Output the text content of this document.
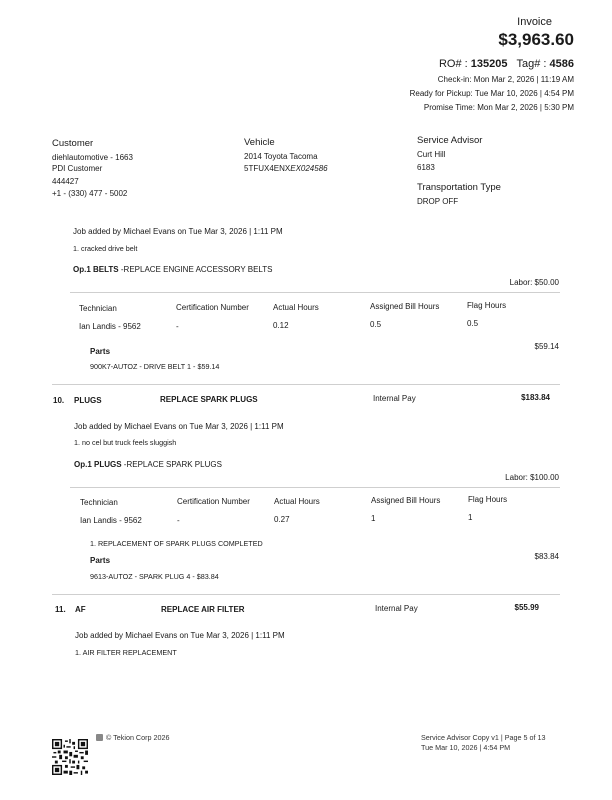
Invoice
$3,963.60
RO# : 135205 Tag# : 4586
Check-in: Mon Mar 2, 2026 | 11:19 AM
Ready for Pickup: Tue Mar 10, 2026 | 4:54 PM
Promise Time: Mon Mar 2, 2026 | 5:30 PM
Customer
diehlautomotive - 1663
PDI Customer
444427
+1 - (330) 477 - 5002
Vehicle
2014 Toyota Tacoma
5TFUX4ENXEX024586
Service Advisor
Curt Hill
6183
Transportation Type
DROP OFF
Job added by Michael Evans on Tue Mar 3, 2026 | 1:11 PM
1. cracked drive belt
Op.1 BELTS -REPLACE ENGINE ACCESSORY BELTS
Labor: $50.00
Technician	Certification Number	Actual Hours	Assigned Bill Hours	Flag Hours
Ian Landis - 9562	-	0.12	0.5	0.5
$59.14
Parts
900K7-AUTOZ - DRIVE BELT 1 - $59.14
10. PLUGS	REPLACE SPARK PLUGS	Internal Pay	$183.84
Job added by Michael Evans on Tue Mar 3, 2026 | 1:11 PM
1. no cel but truck feels sluggish
Op.1 PLUGS -REPLACE SPARK PLUGS
Labor: $100.00
Technician	Certification Number	Actual Hours	Assigned Bill Hours	Flag Hours
Ian Landis - 9562	-	0.27	1	1
1. REPLACEMENT OF SPARK PLUGS COMPLETED
$83.84
Parts
9613-AUTOZ - SPARK PLUG 4 - $83.84
11. AF	REPLACE AIR FILTER	Internal Pay	$55.99
Job added by Michael Evans on Tue Mar 3, 2026 | 1:11 PM
1. AIR FILTER REPLACEMENT
© Tekion Corp 2026	Service Advisor Copy v1 | Page 5 of 13
Tue Mar 10, 2026 | 4:54 PM
